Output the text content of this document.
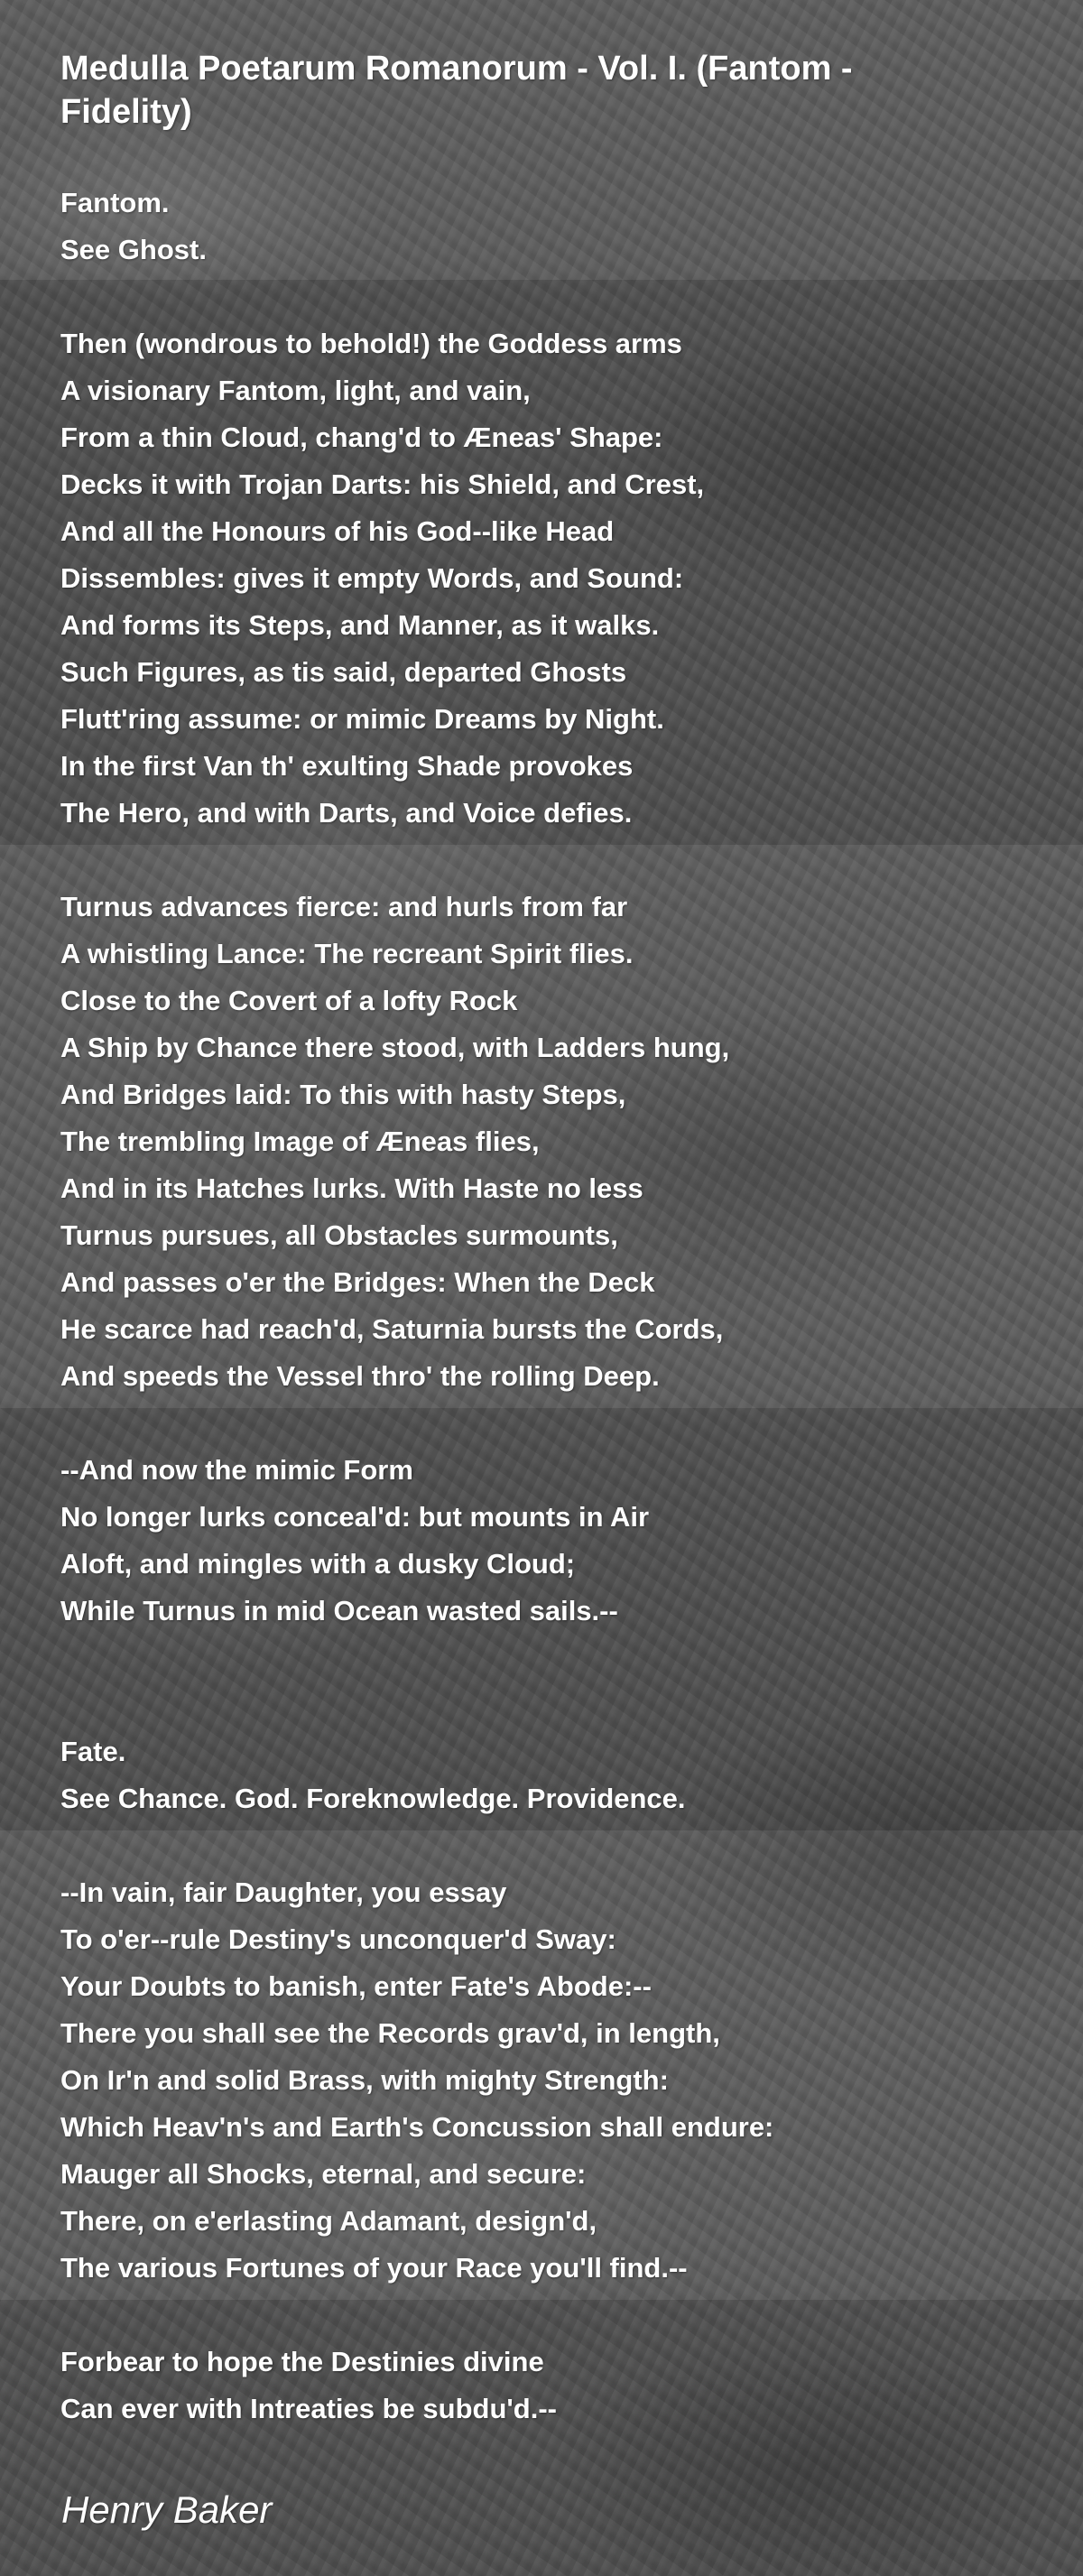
Medulla Poetarum Romanorum - Vol. I. (Fantom - Fidelity)
Fantom.
See Ghost.
Then (wondrous to behold!) the Goddess arms
A visionary Fantom, light, and vain,
From a thin Cloud, chang'd to Æneas' Shape:
Decks it with Trojan Darts: his Shield, and Crest,
And all the Honours of his God--like Head
Dissembles: gives it empty Words, and Sound:
And forms its Steps, and Manner, as it walks.
Such Figures, as tis said, departed Ghosts
Flutt'ring assume: or mimic Dreams by Night.
In the first Van th' exulting Shade provokes
The Hero, and with Darts, and Voice defies.
Turnus advances fierce: and hurls from far
A whistling Lance: The recreant Spirit flies.
Close to the Covert of a lofty Rock
A Ship by Chance there stood, with Ladders hung,
And Bridges laid: To this with hasty Steps,
The trembling Image of Æneas flies,
And in its Hatches lurks. With Haste no less
Turnus pursues, all Obstacles surmounts,
And passes o'er the Bridges: When the Deck
He scarce had reach'd, Saturnia bursts the Cords,
And speeds the Vessel thro' the rolling Deep.
--And now the mimic Form
No longer lurks conceal'd: but mounts in Air
Aloft, and mingles with a dusky Cloud;
While Turnus in mid Ocean wasted sails.--
Fate.
See Chance. God. Foreknowledge. Providence.
--In vain, fair Daughter, you essay
To o'er--rule Destiny's unconquer'd Sway:
Your Doubts to banish, enter Fate's Abode:--
There you shall see the Records grav'd, in length,
On Ir'n and solid Brass, with mighty Strength:
Which Heav'n's and Earth's Concussion shall endure:
Mauger all Shocks, eternal, and secure:
There, on e'erlasting Adamant, design'd,
The various Fortunes of your Race you'll find.--
Forbear to hope the Destinies divine
Can ever with Intreaties be subdu'd.--
Henry Baker
